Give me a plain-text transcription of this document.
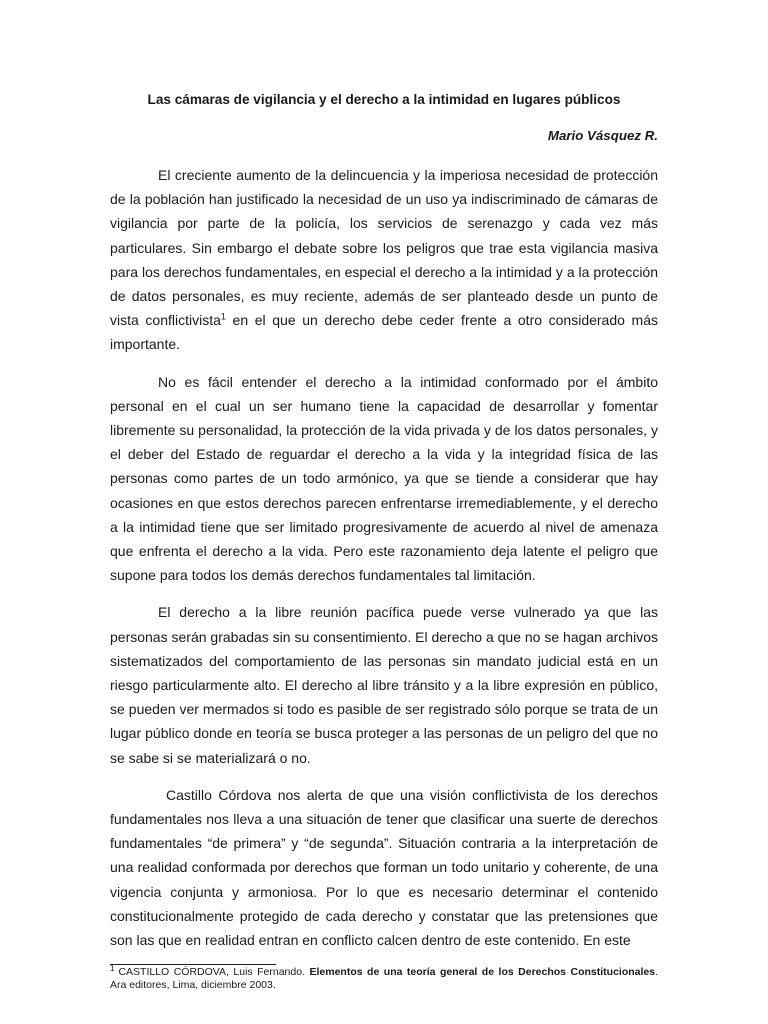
Las cámaras de vigilancia y el derecho a la intimidad en lugares públicos

Mario Vásquez R.

El creciente aumento de la delincuencia y la imperiosa necesidad de protección de la población han justificado la necesidad de un uso ya indiscriminado de cámaras de vigilancia por parte de la policía, los servicios de serenazgo y cada vez más particulares. Sin embargo el debate sobre los peligros que trae esta vigilancia masiva para los derechos fundamentales, en especial el derecho a la intimidad y a la protección de datos personales, es muy reciente, además de ser planteado desde un punto de vista conflictivista$^1$ en el que un derecho debe ceder frente a otro considerado más importante.

No es fácil entender el derecho a la intimidad conformado por el ámbito personal en el cual un ser humano tiene la capacidad de desarrollar y fomentar libremente su personalidad, la protección de la vida privada y de los datos personales, y el deber del Estado de reguardar el derecho a la vida y la integridad física de las personas como partes de un todo armónico, ya que se tiende a considerar que hay ocasiones en que estos derechos parecen enfrentarse irremediablemente, y el derecho a la intimidad tiene que ser limitado progresivamente de acuerdo al nivel de amenaza que enfrenta el derecho a la vida. Pero este razonamiento deja latente el peligro que supone para todos los demás derechos fundamentales tal limitación.

El derecho a la libre reunión pacífica puede verse vulnerado ya que las personas serán grabadas sin su consentimiento. El derecho a que no se hagan archivos sistematizados del comportamiento de las personas sin mandato judicial está en un riesgo particularmente alto. El derecho al libre tránsito y a la libre expresión en público, se pueden ver mermados si todo es pasible de ser registrado sólo porque se trata de un lugar público donde en teoría se busca proteger a las personas de un peligro del que no se sabe si se materializará o no.

Castillo Córdova nos alerta de que una visión conflictivista de los derechos fundamentales nos lleva a una situación de tener que clasificar una suerte de derechos fundamentales “de primera” y “de segunda”. Situación contraria a la interpretación de una realidad conformada por derechos que forman un todo unitario y coherente, de una vigencia conjunta y armoniosa. Por lo que es necesario determinar el contenido constitucionalmente protegido de cada derecho y constatar que las pretensiones que son las que en realidad entran en conflicto calcen dentro de este contenido. En este

$^1$ CASTILLO CÓRDOVA, Luis Fernando. Elementos de una teoría general de los Derechos Constitucionales. Ara editores, Lima, diciembre 2003.
